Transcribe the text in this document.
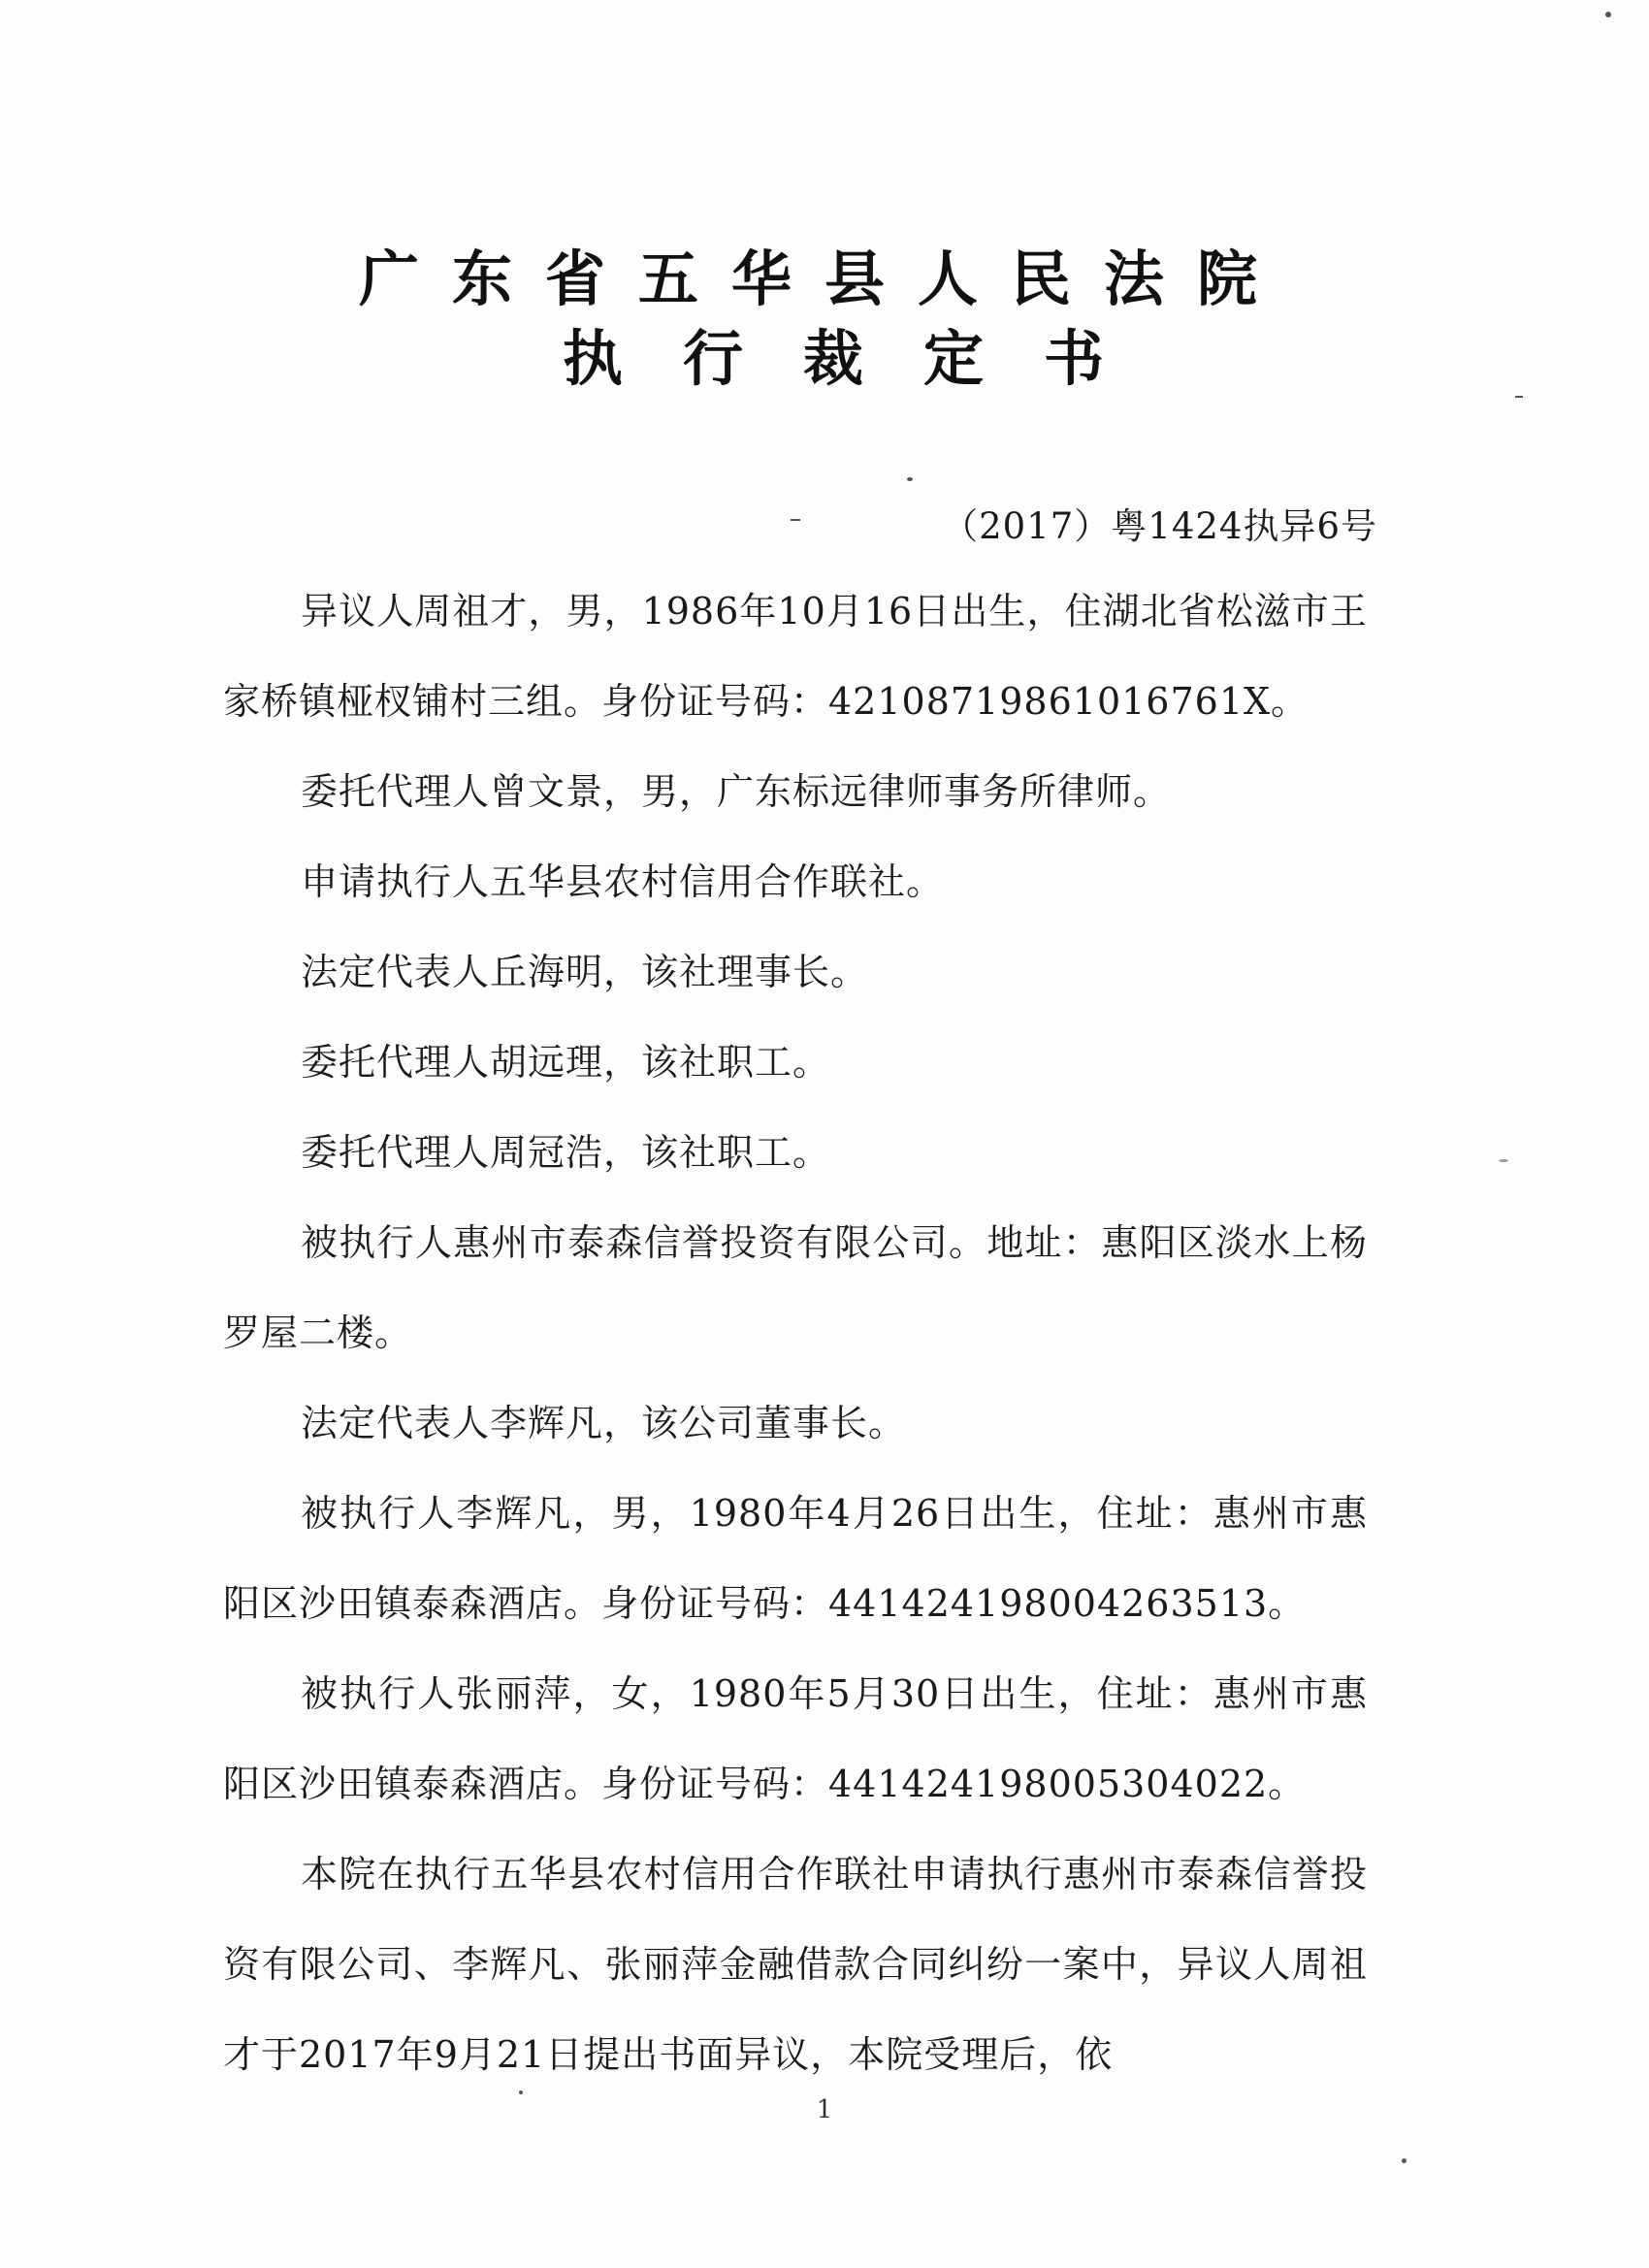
广东省五华县人民法院
执行裁定书
（2017）粤1424执异6号
异议人周祖才，男，1986年10月16日出生，住湖北省松滋市王家桥镇桠杈铺村三组。身份证号码：42108719861016761X。
委托代理人曾文景，男，广东标远律师事务所律师。
申请执行人五华县农村信用合作联社。
法定代表人丘海明，该社理事长。
委托代理人胡远理，该社职工。
委托代理人周冠浩，该社职工。
被执行人惠州市泰森信誉投资有限公司。地址：惠阳区淡水上杨罗屋二楼。
法定代表人李辉凡，该公司董事长。
被执行人李辉凡，男，1980年4月26日出生，住址：惠州市惠阳区沙田镇泰森酒店。身份证号码：441424198004263513。
被执行人张丽萍，女，1980年5月30日出生，住址：惠州市惠阳区沙田镇泰森酒店。身份证号码：441424198005304022。
本院在执行五华县农村信用合作联社申请执行惠州市泰森信誉投资有限公司、李辉凡、张丽萍金融借款合同纠纷一案中，异议人周祖才于2017年9月21日提出书面异议，本院受理后，依
1
